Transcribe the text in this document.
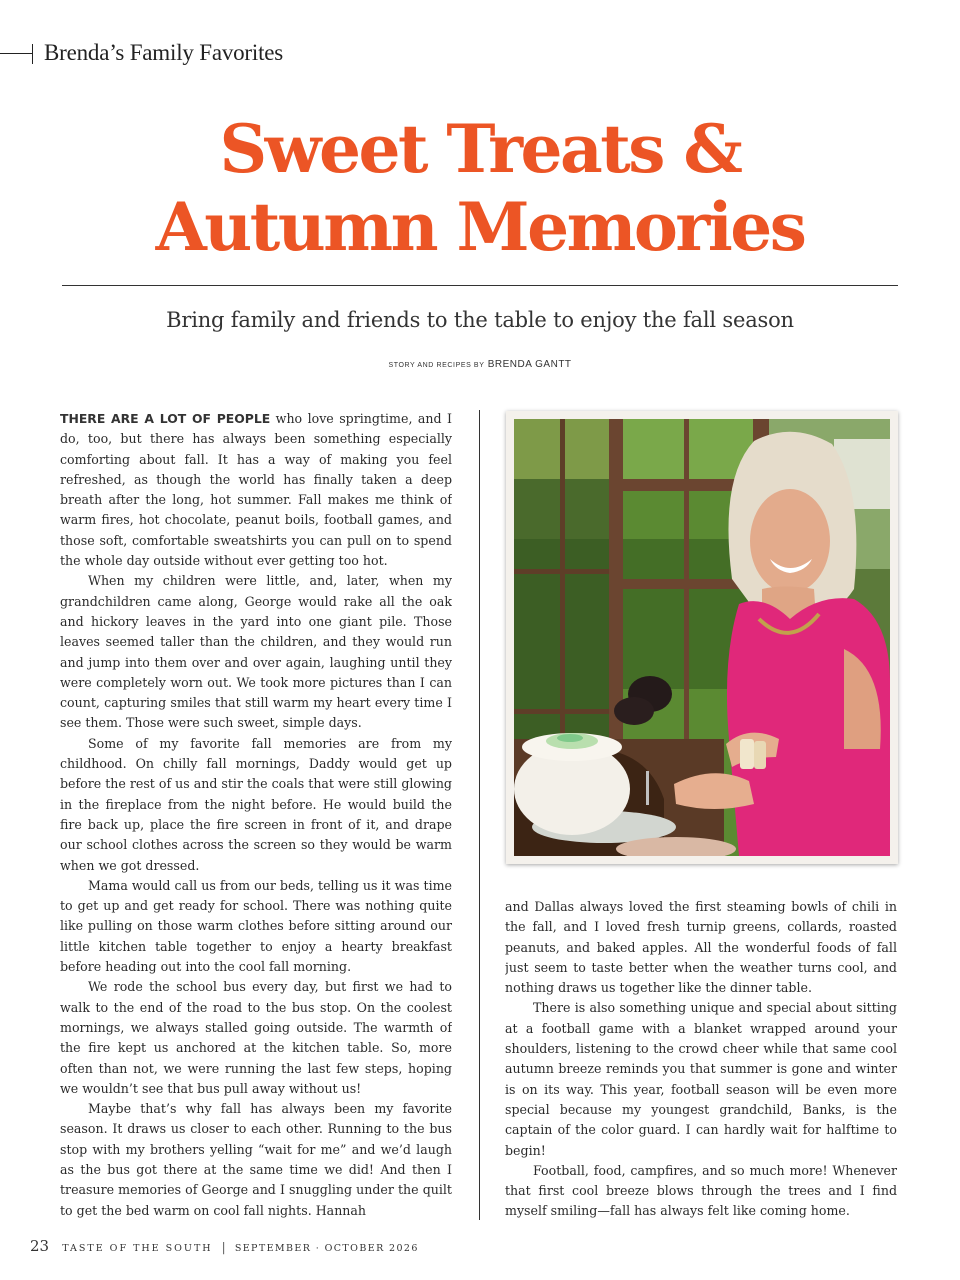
Brenda’s Family Favorites
Sweet Treats &
Autumn Memories
Bring family and friends to the table to enjoy the fall season
STORY AND RECIPES BY BRENDA GANTT

THERE ARE A LOT OF PEOPLE who love springtime, and I do, too, but there has always been something especially comforting about fall. It has a way of making you feel refreshed, as though the world has finally taken a deep breath after the long, hot summer. Fall makes me think of warm fires, hot chocolate, peanut boils, football games, and those soft, comfortable sweatshirts you can pull on to spend the whole day outside without ever getting too hot.

When my children were little, and, later, when my grandchildren came along, George would rake all the oak and hickory leaves in the yard into one giant pile. Those leaves seemed taller than the children, and they would run and jump into them over and over again, laughing until they were completely worn out. We took more pictures than I can count, capturing smiles that still warm my heart every time I see them. Those were such sweet, simple days.

Some of my favorite fall memories are from my childhood. On chilly fall mornings, Daddy would get up before the rest of us and stir the coals that were still glowing in the fireplace from the night before. He would build the fire back up, place the fire screen in front of it, and drape our school clothes across the screen so they would be warm when we got dressed.

Mama would call us from our beds, telling us it was time to get up and get ready for school. There was nothing quite like pulling on those warm clothes before sitting around our little kitchen table together to enjoy a hearty breakfast before heading out into the cool fall morning.

We rode the school bus every day, but first we had to walk to the end of the road to the bus stop. On the coolest mornings, we always stalled going outside. The warmth of the fire kept us anchored at the kitchen table. So, more often than not, we were running the last few steps, hoping we wouldn’t see that bus pull away without us!

Maybe that’s why fall has always been my favorite season. It draws us closer to each other. Running to the bus stop with my brothers yelling “wait for me” and we’d laugh as the bus got there at the same time we did! And then I treasure memories of George and I snuggling under the quilt to get the bed warm on cool fall nights. Hannah

and Dallas always loved the first steaming bowls of chili in the fall, and I loved fresh turnip greens, collards, roasted peanuts, and baked apples. All the wonderful foods of fall just seem to taste better when the weather turns cool, and nothing draws us together like the dinner table.

There is also something unique and special about sitting at a football game with a blanket wrapped around your shoulders, listening to the crowd cheer while that same cool autumn breeze reminds you that summer is gone and winter is on its way. This year, football season will be even more special because my youngest grandchild, Banks, is the captain of the color guard. I can hardly wait for halftime to begin!

Football, food, campfires, and so much more! Whenever that first cool breeze blows through the trees and I find myself smiling—fall has always felt like coming home.

23 TASTE OF THE SOUTH | SEPTEMBER · OCTOBER 2026
